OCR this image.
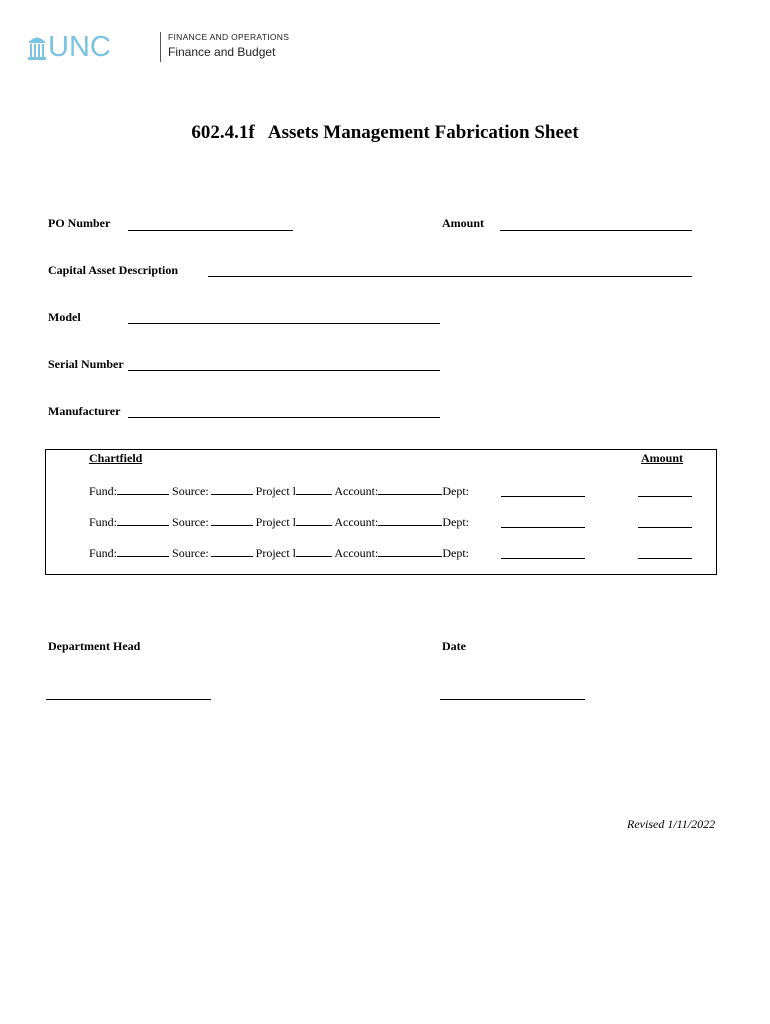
UNC	FINANCE AND OPERATIONS
Finance and Budget
602.4.1f   Assets Management Fabrication Sheet
PO Number	Amount
Capital Asset Description
Model
Serial Number
Manufacturer
Chartfield	Amount
Fund:	Source:	Project l	Account:	Dept:
Fund:	Source:	Project l	Account:	Dept:
Fund:	Source:	Project l	Account:	Dept:
Department Head	Date
Revised 1/11/2022
